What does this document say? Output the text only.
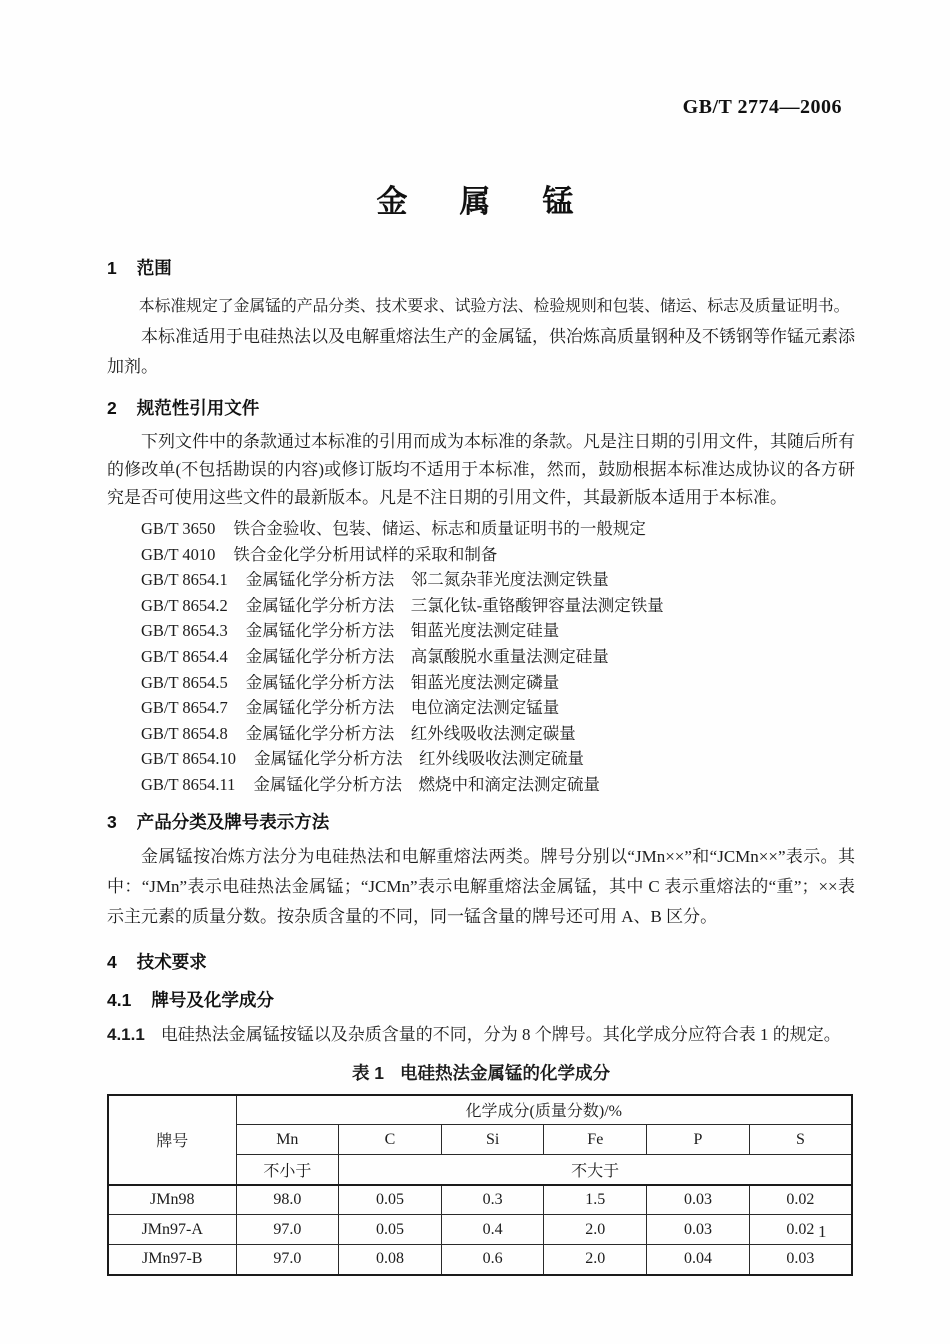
GB/T 2774—2006
金 属 锰
1 范围

本标准规定了金属锰的产品分类、技术要求、试验方法、检验规则和包装、储运、标志及质量证明书。

本标准适用于电硅热法以及电解重熔法生产的金属锰，供冶炼高质量钢种及不锈钢等作锰元素添加剂。

2 规范性引用文件

下列文件中的条款通过本标准的引用而成为本标准的条款。凡是注日期的引用文件，其随后所有的修改单(不包括勘误的内容)或修订版均不适用于本标准，然而，鼓励根据本标准达成协议的各方研究是否可使用这些文件的最新版本。凡是不注日期的引用文件，其最新版本适用于本标准。

GB/T 3650 铁合金验收、包装、储运、标志和质量证明书的一般规定
GB/T 4010 铁合金化学分析用试样的采取和制备
GB/T 8654.1 金属锰化学分析方法　邻二氮杂菲光度法测定铁量
GB/T 8654.2 金属锰化学分析方法　三氯化钛-重铬酸钾容量法测定铁量
GB/T 8654.3 金属锰化学分析方法　钼蓝光度法测定硅量
GB/T 8654.4 金属锰化学分析方法　高氯酸脱水重量法测定硅量
GB/T 8654.5 金属锰化学分析方法　钼蓝光度法测定磷量
GB/T 8654.7 金属锰化学分析方法　电位滴定法测定锰量
GB/T 8654.8 金属锰化学分析方法　红外线吸收法测定碳量
GB/T 8654.10 金属锰化学分析方法　红外线吸收法测定硫量
GB/T 8654.11 金属锰化学分析方法　燃烧中和滴定法测定硫量
3 产品分类及牌号表示方法

金属锰按冶炼方法分为电硅热法和电解重熔法两类。牌号分别以“JMn××”和“JCMn××”表示。其中：“JMn”表示电硅热法金属锰；“JCMn”表示电解重熔法金属锰，其中 C 表示重熔法的“重”；××表示主元素的质量分数。按杂质含量的不同，同一锰含量的牌号还可用 A、B 区分。

4 技术要求
4.1 牌号及化学成分
4.1.1 电硅热法金属锰按锰以及杂质含量的不同，分为 8 个牌号。其化学成分应符合表 1 的规定。
表 1 电硅热法金属锰的化学成分
牌号	化学成分(质量分数)/%					
	Mn	C	Si	Fe	P	S
	不小于	不大于				
JMn98	98.0	0.05	0.3	1.5	0.03	0.02
JMn97-A	97.0	0.05	0.4	2.0	0.03	0.02
JMn97-B	97.0	0.08	0.6	2.0	0.04	0.03
1
